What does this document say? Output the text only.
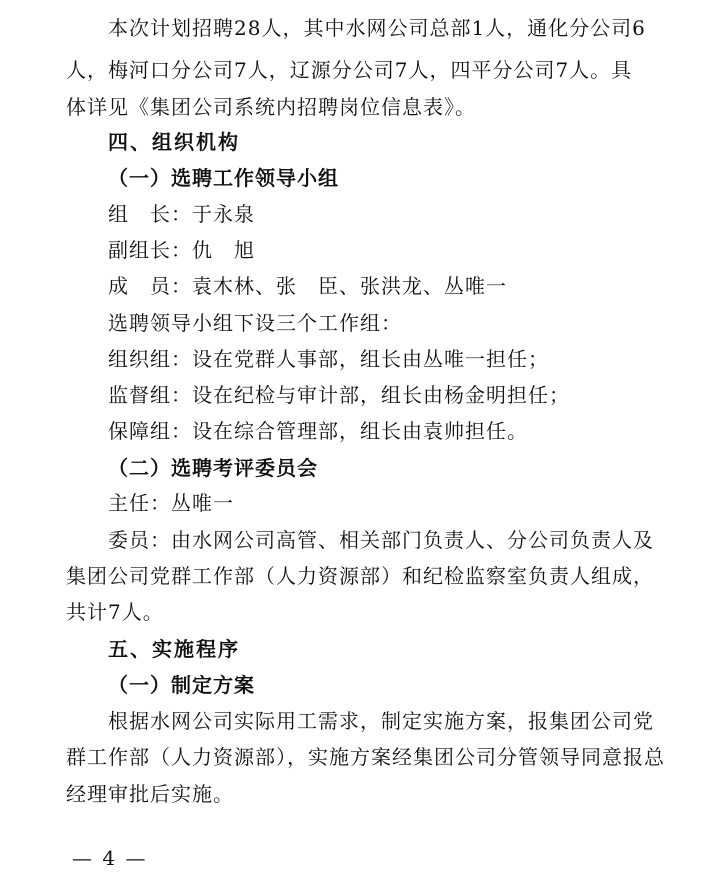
本次计划招聘28人，其中水网公司总部1人，通化分公司6
人，梅河口分公司7人，辽源分公司7人，四平分公司7人。具
体详见《集团公司系统内招聘岗位信息表》。
四、组织机构
（一）选聘工作领导小组
组　长：于永泉
副组长：仇　旭
成　员：袁木林、张　臣、张洪龙、丛唯一
选聘领导小组下设三个工作组：
组织组：设在党群人事部，组长由丛唯一担任；
监督组：设在纪检与审计部，组长由杨金明担任；
保障组：设在综合管理部，组长由袁帅担任。
（二）选聘考评委员会
主任：丛唯一
委员：由水网公司高管、相关部门负责人、分公司负责人及
集团公司党群工作部（人力资源部）和纪检监察室负责人组成，
共计7人。
五、实施程序
（一）制定方案
根据水网公司实际用工需求，制定实施方案，报集团公司党
群工作部（人力资源部），实施方案经集团公司分管领导同意报总
经理审批后实施。
— 4 —
